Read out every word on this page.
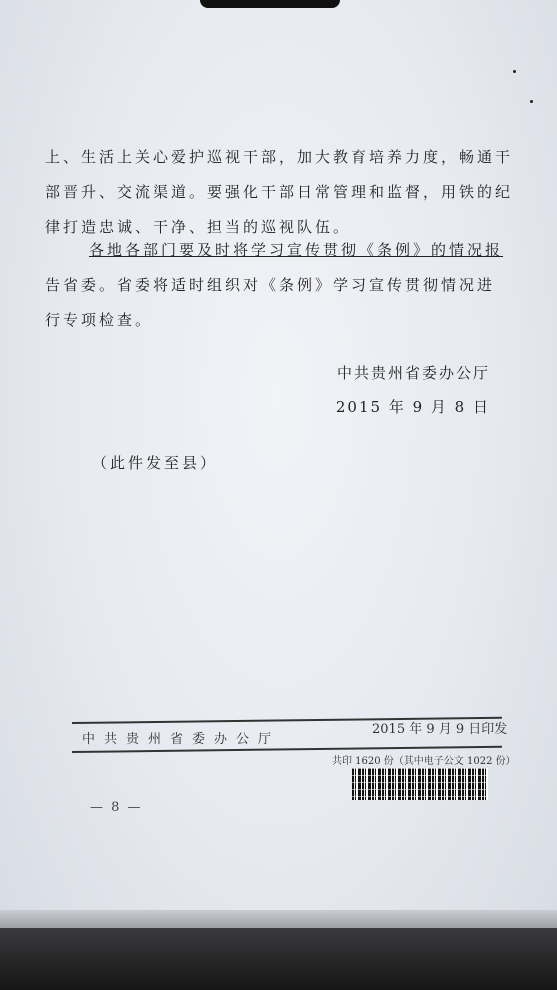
上、生活上关心爱护巡视干部，加大教育培养力度，畅通干

部晋升、交流渠道。要强化干部日常管理和监督，用铁的纪

律打造忠诚、干净、担当的巡视队伍。

各地各部门要及时将学习宣传贯彻《条例》的情况报

告省委。省委将适时组织对《条例》学习宣传贯彻情况进

行专项检查。

中共贵州省委办公厅
2015 年 9 月 8 日
（此件发至县）
中共贵州省委办公厅
2015 年 9 月 9 日印发
共印 1620 份（其中电子公文 1022 份）
— 8 —
